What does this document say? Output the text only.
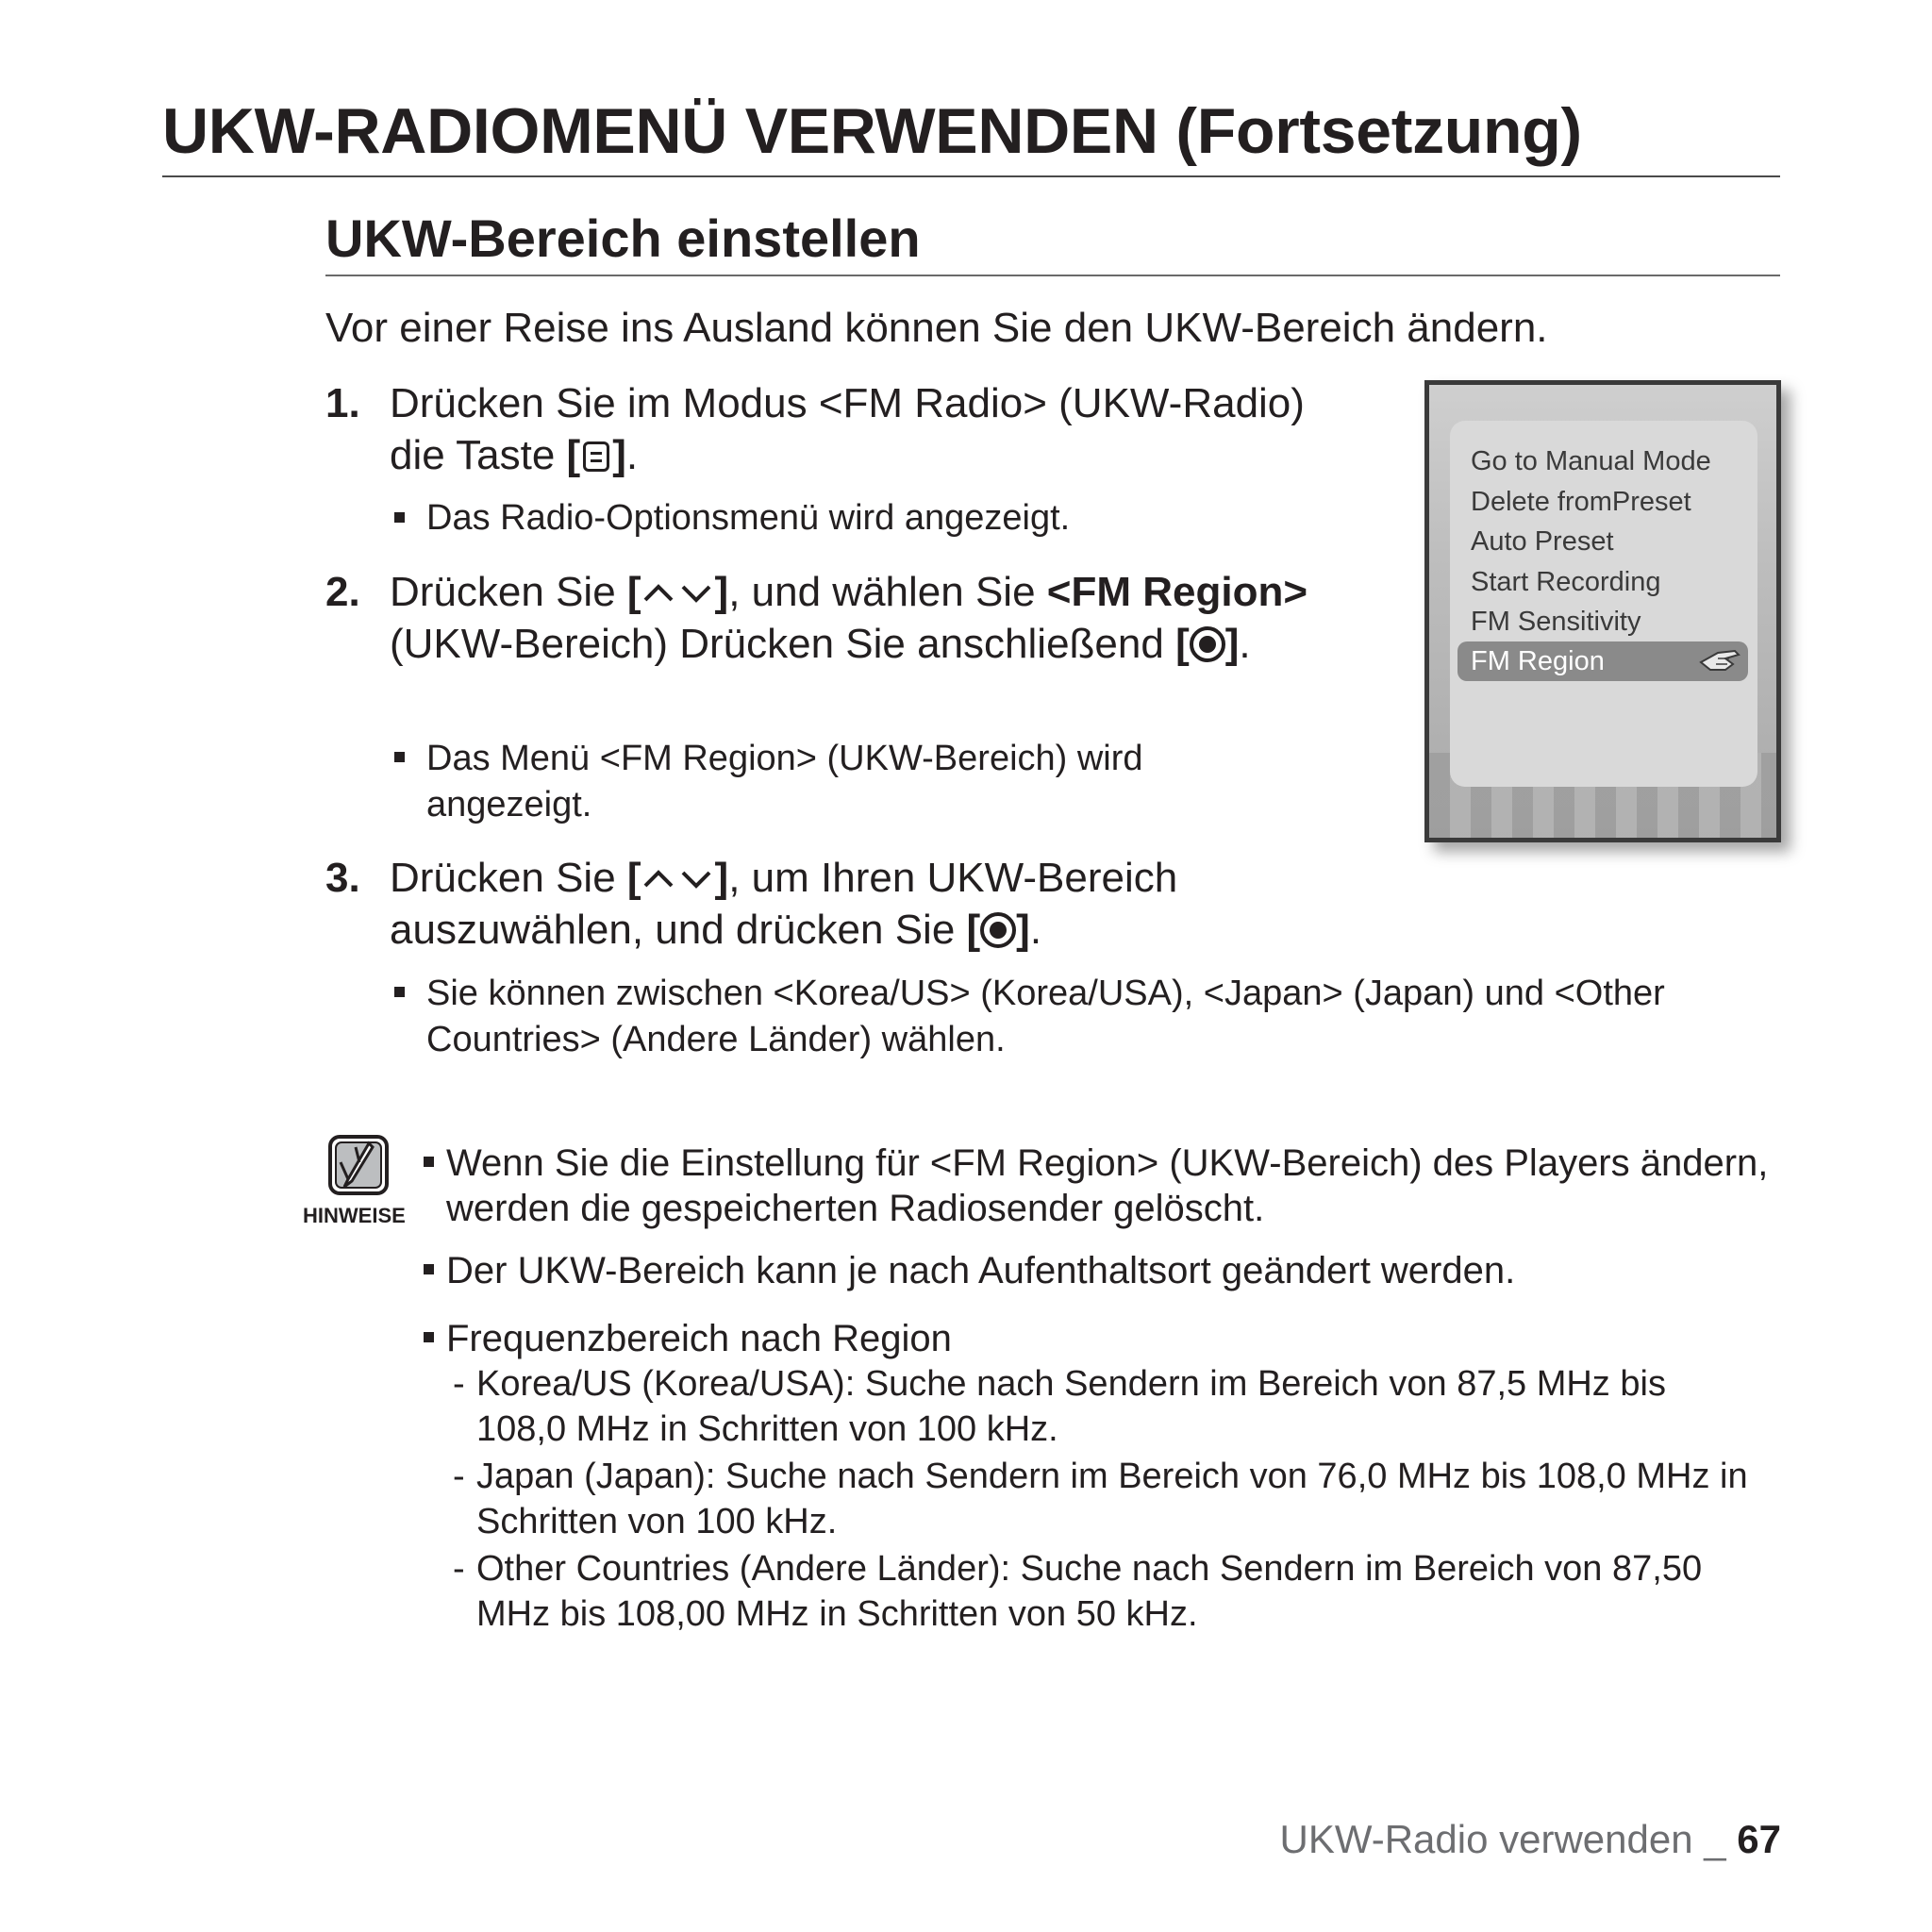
UKW-RADIOMENÜ VERWENDEN (Fortsetzung)
UKW-Bereich einstellen
Vor einer Reise ins Ausland können Sie den UKW-Bereich ändern.
1. Drücken Sie im Modus <FM Radio> (UKW-Radio) die Taste [ ].
Das Radio-Optionsmenü wird angezeigt.
2. Drücken Sie [ ], und wählen Sie <FM Region> (UKW-Bereich) Drücken Sie anschließend [ ].
Das Menü <FM Region> (UKW-Bereich) wird angezeigt.
3. Drücken Sie [ ], um Ihren UKW-Bereich auszuwählen, und drücken Sie [ ].
Sie können zwischen <Korea/US> (Korea/USA), <Japan> (Japan) und <Other Countries> (Andere Länder) wählen.
Go to Manual Mode
Delete fromPreset
Auto Preset
Start Recording
FM Sensitivity
FM Region
HINWEISE
Wenn Sie die Einstellung für <FM Region> (UKW-Bereich) des Players ändern, werden die gespeicherten Radiosender gelöscht.
Der UKW-Bereich kann je nach Aufenthaltsort geändert werden.
Frequenzbereich nach Region
- Korea/US (Korea/USA): Suche nach Sendern im Bereich von 87,5 MHz bis 108,0 MHz in Schritten von 100 kHz.
- Japan (Japan): Suche nach Sendern im Bereich von 76,0 MHz bis 108,0 MHz in Schritten von 100 kHz.
- Other Countries (Andere Länder): Suche nach Sendern im Bereich von 87,50 MHz bis 108,00 MHz in Schritten von 50 kHz.
UKW-Radio verwenden _ 67
